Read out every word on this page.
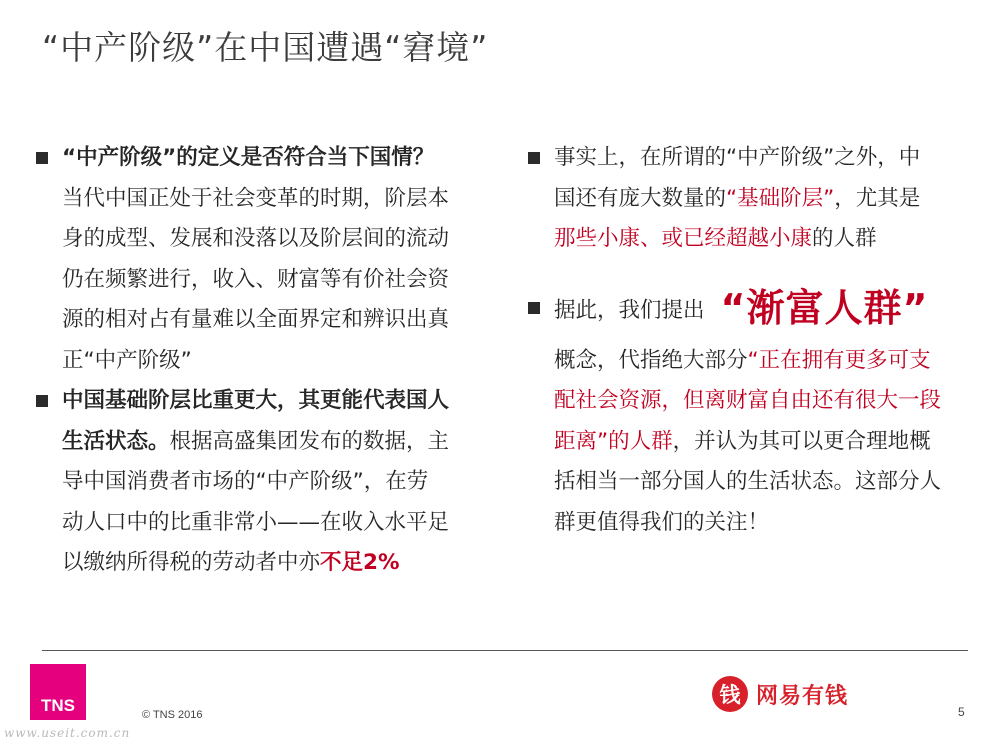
“中产阶级”在中国遭遇“窘境”
“中产阶级”的定义是否符合当下国情？
当代中国正处于社会变革的时期，阶层本
身的成型、发展和没落以及阶层间的流动
仍在频繁进行，收入、财富等有价社会资
源的相对占有量难以全面界定和辨识出真
正“中产阶级”
中国基础阶层比重更大，其更能代表国人
生活状态。根据高盛集团发布的数据，主
导中国消费者市场的“中产阶级”，在劳
动人口中的比重非常小——在收入水平足
以缴纳所得税的劳动者中亦不足2%
事实上，在所谓的“中产阶级”之外，中
国还有庞大数量的“基础阶层”，尤其是
那些小康、或已经超越小康的人群
据此，我们提出 “渐富人群”
概念，代指绝大部分“正在拥有更多可支
配社会资源，但离财富自由还有很大一段
距离”的人群，并认为其可以更合理地概
括相当一部分国人的生活状态。这部分人
群更值得我们的关注！
TNS	© TNS 2016
www.useit.com.cn
钱 网易有钱
5
